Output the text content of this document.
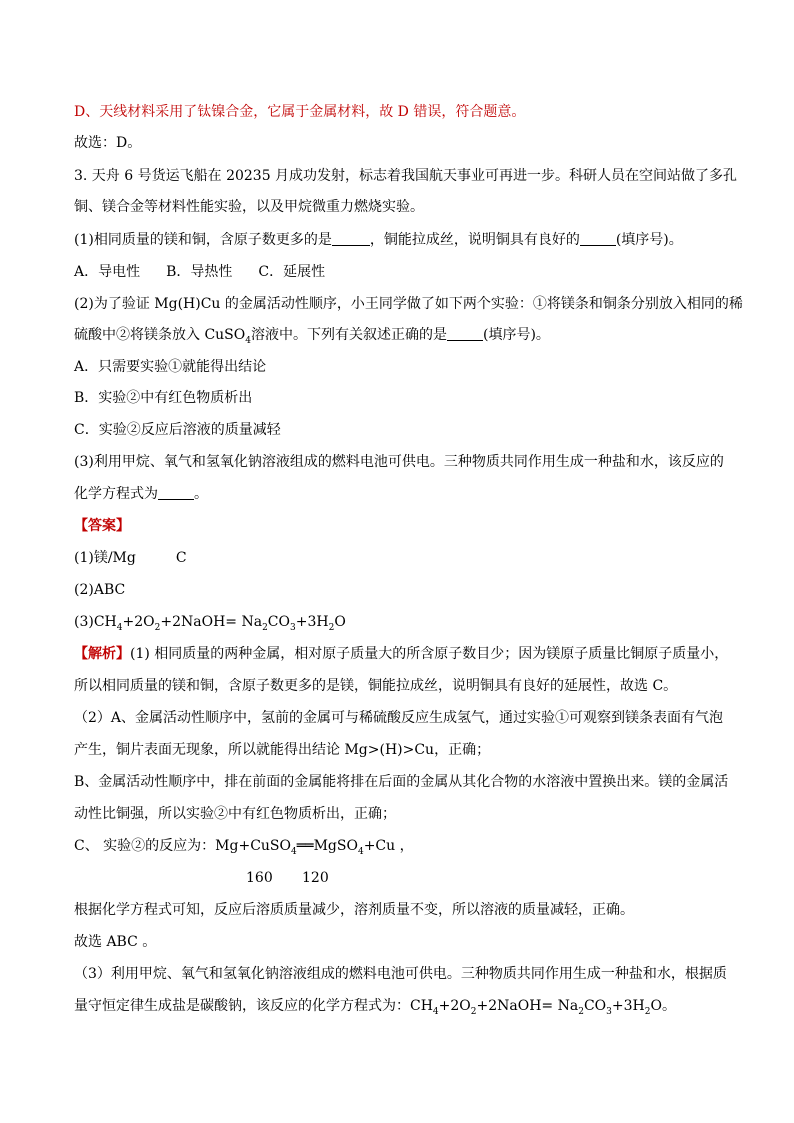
D、天线材料采用了钛镍合金，它属于金属材料，故 D 错误，符合题意。
故选：D。
3. 天舟 6 号货运飞船在 20235 月成功发射，标志着我国航天事业可再进一步。科研人员在空间站做了多孔
铜、镁合金等材料性能实验，以及甲烷微重力燃烧实验。
(1)相同质量的镁和铜，含原子数更多的是	，铜能拉成丝，说明铜具有良好的	(填序号)。
A．导电性 B．导热性 C．延展性
(2)为了验证 Mg(H)Cu 的金属活动性顺序，小王同学做了如下两个实验：①将镁条和铜条分别放入相同的稀
硫酸中②将镁条放入 CuSO$_4$溶液中。下列有关叙述正确的是	(填序号)。
A．只需要实验①就能得出结论
B．实验②中有红色物质析出
C．实验②反应后溶液的质量减轻
(3)利用甲烷、氧气和氢氧化钠溶液组成的燃料电池可供电。三种物质共同作用生成一种盐和水，该反应的
化学方程式为	。
【答案】
(1)镁/Mg	C
(2)ABC
$(3)CH_4+2O_2+2NaOH= Na_2CO_3+3H_2O$
【解析】(1) 相同质量的两种金属，相对原子质量大的所含原子数目少；因为镁原子质量比铜原子质量小，
所以相同质量的镁和铜，含原子数更多的是镁，铜能拉成丝，说明铜具有良好的延展性，故选 C。
（2）A、金属活动性顺序中，氢前的金属可与稀硫酸反应生成氢气，通过实验①可观察到镁条表面有气泡
产生，铜片表面无现象，所以就能得出结论 Mg>(H)>Cu，正确；
B、金属活动性顺序中，排在前面的金属能将排在后面的金属从其化合物的水溶液中置换出来。镁的金属活
动性比铜强，所以实验②中有红色物质析出，正确；
C、 实验②的反应为：Mg+CuSO$_4$══MgSO$_4$+Cu ，
160 120
根据化学方程式可知，反应后溶质质量减少，溶剂质量不变，所以溶液的质量减轻，正确。
故选 ABC 。
（3）利用甲烷、氧气和氢氧化钠溶液组成的燃料电池可供电。三种物质共同作用生成一种盐和水，根据质
量守恒定律生成盐是碳酸钠，该反应的化学方程式为：$CH_4+2O_2+2NaOH= Na_2CO_3+3H_2O$。
